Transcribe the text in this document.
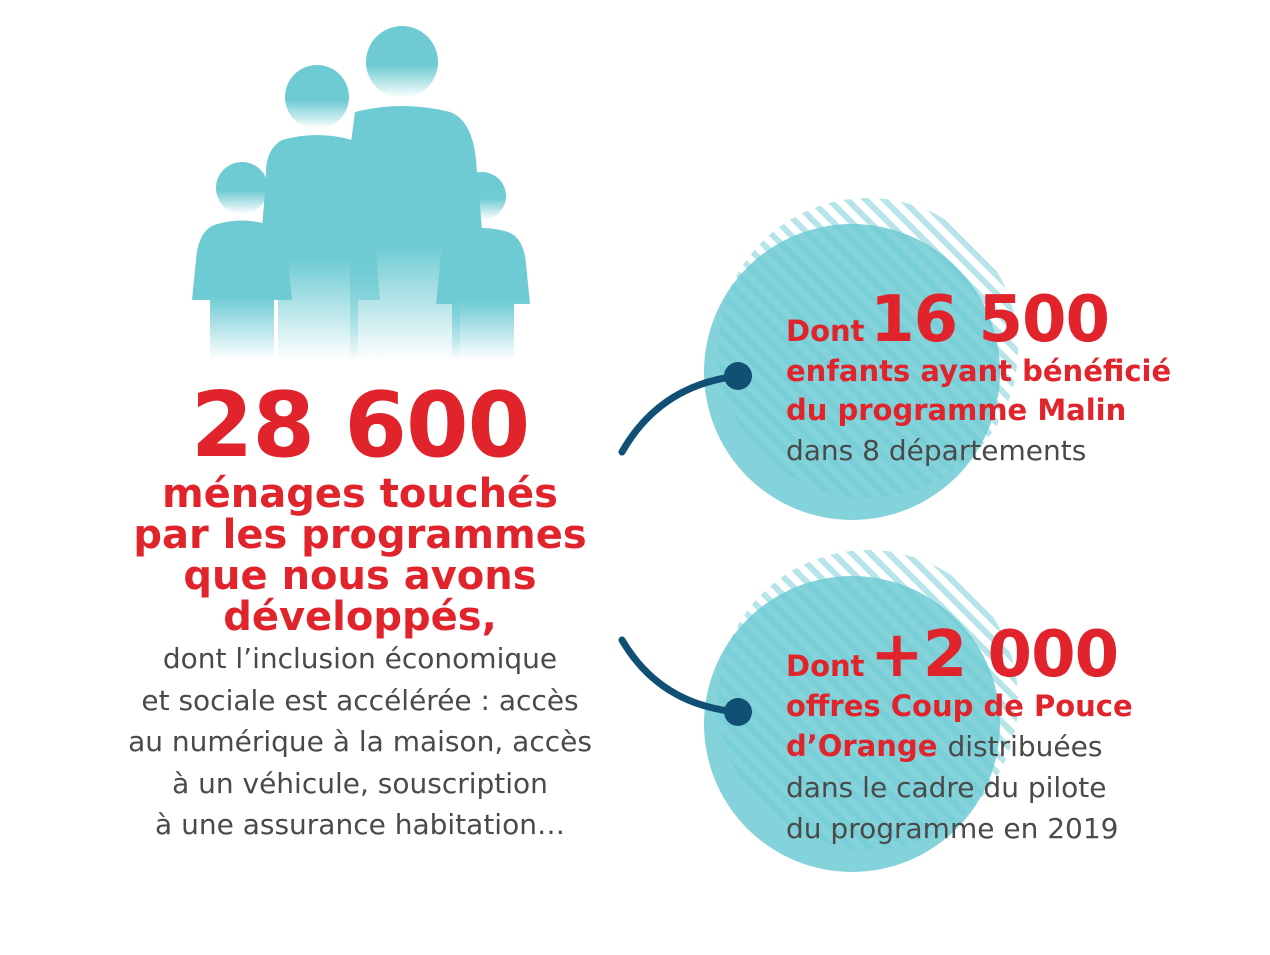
28 600
ménages touchés
par les programmes
que nous avons
développés,
dont l’inclusion économique
et sociale est accélérée : accès
au numérique à la maison, accès
à un véhicule, souscription
à une assurance habitation…
Dont 16 500
enfants ayant bénéficié
du programme Malin
dans 8 départements
Dont +2 000
offres Coup de Pouce
d’Orange distribuées
dans le cadre du pilote
du programme en 2019
